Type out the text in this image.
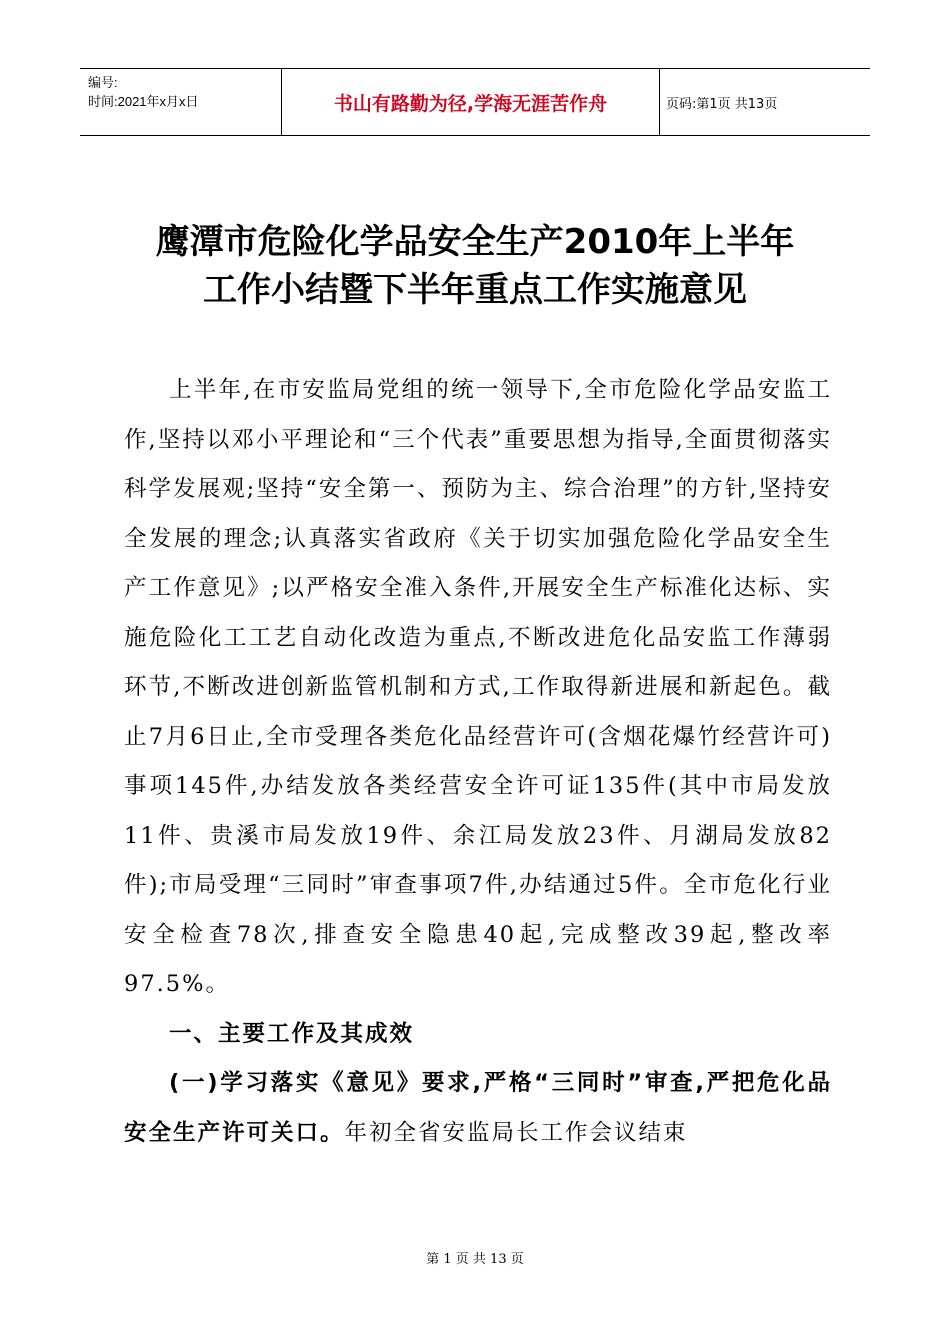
编号:
时间:2021年x月x日	书山有路勤为径,学海无涯苦作舟	页码:第1页 共13页
鹰潭市危险化学品安全生产2010年上半年
工作小结暨下半年重点工作实施意见

上半年,在市安监局党组的统一领导下,全市危险化学品安监工作,坚持以邓小平理论和“三个代表”重要思想为指导,全面贯彻落实科学发展观;坚持“安全第一、预防为主、综合治理”的方针,坚持安全发展的理念;认真落实省政府《关于切实加强危险化学品安全生产工作意见》;以严格安全准入条件,开展安全生产标准化达标、实施危险化工工艺自动化改造为重点,不断改进危化品安监工作薄弱环节,不断改进创新监管机制和方式,工作取得新进展和新起色。截止7月6日止,全市受理各类危化品经营许可(含烟花爆竹经营许可)事项145件,办结发放各类经营安全许可证135件(其中市局发放11件、贵溪市局发放19件、余江局发放23件、月湖局发放82件);市局受理“三同时”审查事项7件,办结通过5件。全市危化行业安全检查78次,排查安全隐患40起,完成整改39起,整改率97.5%。

一、主要工作及其成效

(一)学习落实《意见》要求,严格“三同时”审查,严把危化品安全生产许可关口。年初全省安监局长工作会议结束

第 1 页 共 13 页
